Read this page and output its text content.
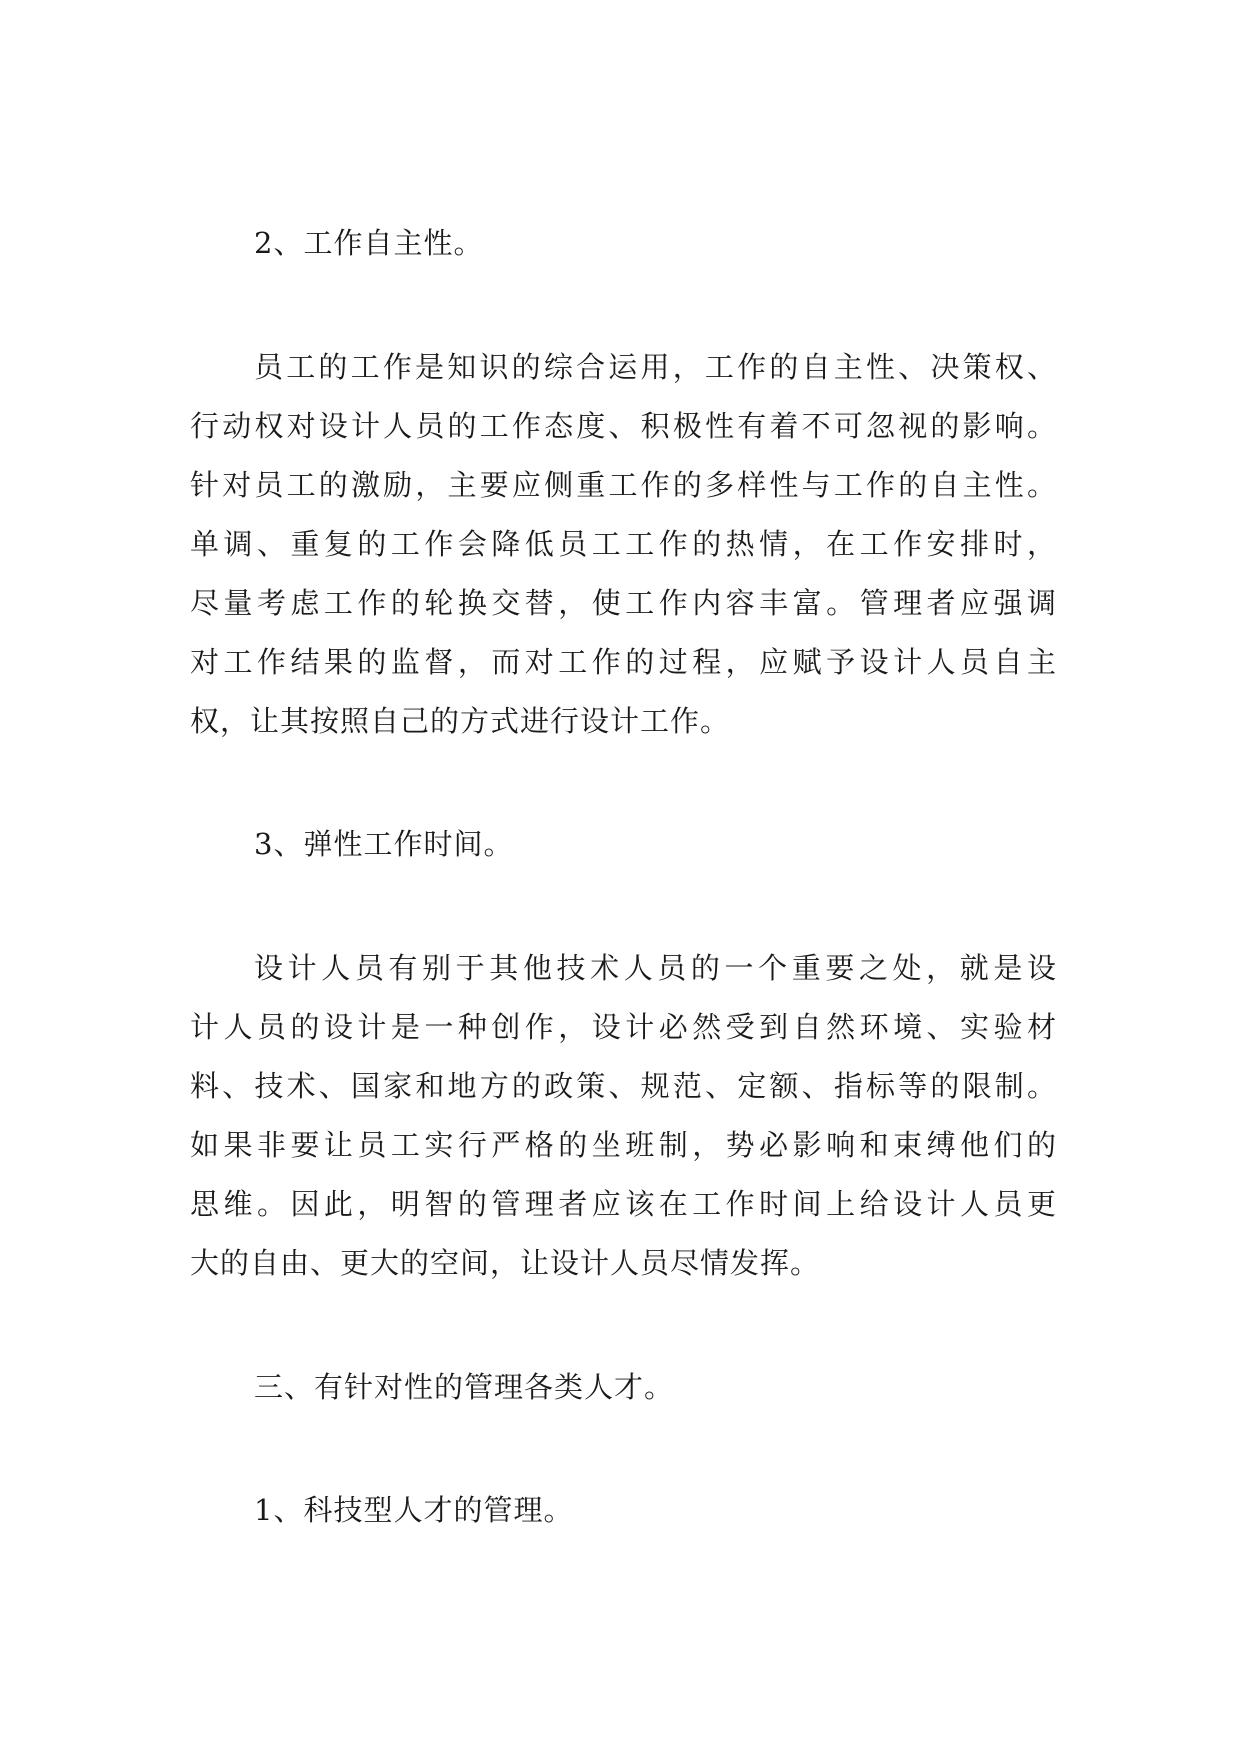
2、工作自主性。
员工的工作是知识的综合运用，工作的自主性、决策权、
行动权对设计人员的工作态度、积极性有着不可忽视的影响。
针对员工的激励，主要应侧重工作的多样性与工作的自主性。
单调、重复的工作会降低员工工作的热情，在工作安排时，
尽量考虑工作的轮换交替，使工作内容丰富。管理者应强调
对工作结果的监督，而对工作的过程，应赋予设计人员自主
权，让其按照自己的方式进行设计工作。
3、弹性工作时间。
设计人员有别于其他技术人员的一个重要之处，就是设
计人员的设计是一种创作，设计必然受到自然环境、实验材
料、技术、国家和地方的政策、规范、定额、指标等的限制。
如果非要让员工实行严格的坐班制，势必影响和束缚他们的
思维。因此，明智的管理者应该在工作时间上给设计人员更
大的自由、更大的空间，让设计人员尽情发挥。
三、有针对性的管理各类人才。
1、科技型人才的管理。
